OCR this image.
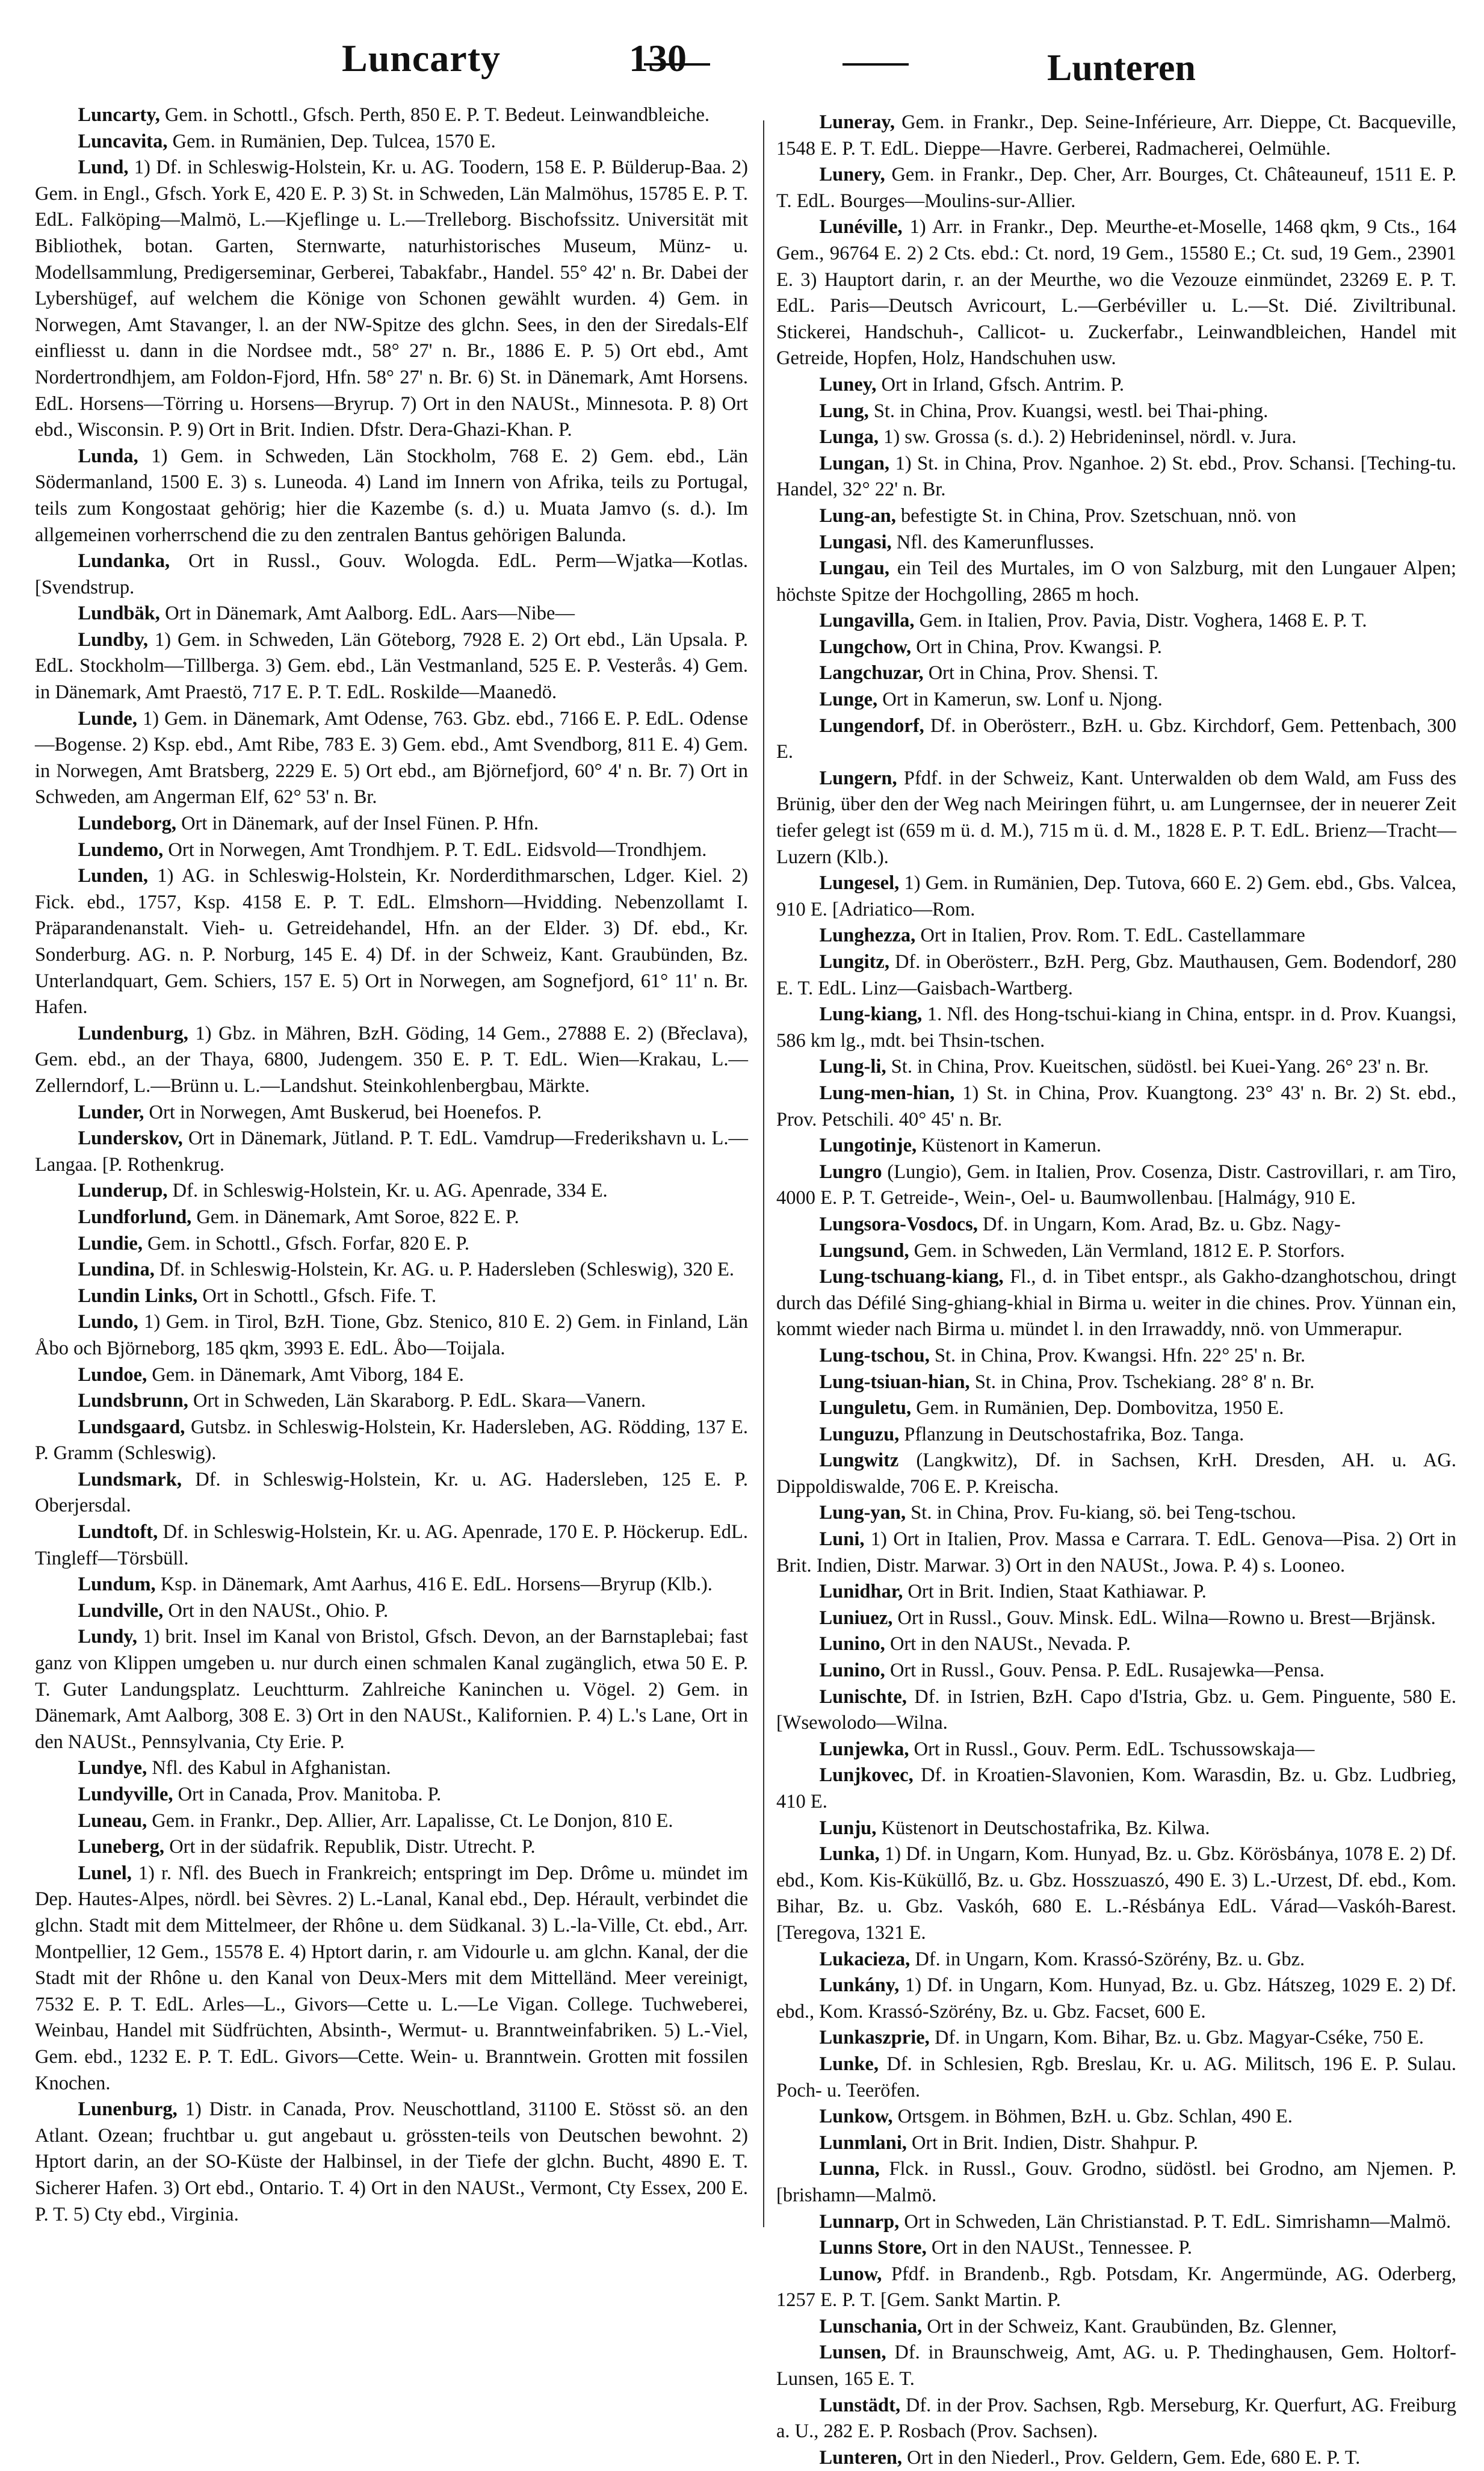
Luncarty	130	Lunteren

Luncarty, Gem. in Schottl., Gfsch. Perth, 850 E. P. T. Bedeut. Leinwandbleiche.

Luncavita, Gem. in Rumänien, Dep. Tulcea, 1570 E.

Lund, 1) Df. in Schleswig-Holstein, Kr. u. AG. Toodern, 158 E. P. Bülderup-Baa. 2) Gem. in Engl., Gfsch. York E, 420 E. P. 3) St. in Schweden, Län Malmöhus, 15785 E. P. T. EdL. Falköping—Malmö, L.—Kjeflinge u. L.—Trelleborg. Bischofssitz. Universität mit Bibliothek, botan. Garten, Sternwarte, naturhistorisches Museum, Münz- u. Modellsammlung, Predigerseminar, Gerberei, Tabakfabr., Handel. 55° 42' n. Br. Dabei der Lybershügef, auf welchem die Könige von Schonen gewählt wurden. 4) Gem. in Norwegen, Amt Stavanger, l. an der NW-Spitze des glchn. Sees, in den der Siredals-Elf einfliesst u. dann in die Nordsee mdt., 58° 27' n. Br., 1886 E. P. 5) Ort ebd., Amt Nordertrondhjem, am Foldon-Fjord, Hfn. 58° 27' n. Br. 6) St. in Dänemark, Amt Horsens. EdL. Horsens—Törring u. Horsens—Bryrup. 7) Ort in den NAUSt., Minnesota. P. 8) Ort ebd., Wisconsin. P. 9) Ort in Brit. Indien. Dfstr. Dera-Ghazi-Khan. P.

Lunda, 1) Gem. in Schweden, Län Stockholm, 768 E. 2) Gem. ebd., Län Södermanland, 1500 E. 3) s. Luneoda. 4) Land im Innern von Afrika, teils zu Portugal, teils zum Kongostaat gehörig; hier die Kazembe (s. d.) u. Muata Jamvo (s. d.). Im allgemeinen vorherrschend die zu den zentralen Bantus gehörigen Balunda.

Lundanka, Ort in Russl., Gouv. Wologda. EdL. Perm—Wjatka—Kotlas. [Svendstrup.

Lundbäk, Ort in Dänemark, Amt Aalborg. EdL. Aars—Nibe—

Lundby, 1) Gem. in Schweden, Län Göteborg, 7928 E. 2) Ort ebd., Län Upsala. P. EdL. Stockholm—Tillberga. 3) Gem. ebd., Län Vestmanland, 525 E. P. Vesterås. 4) Gem. in Dänemark, Amt Praestö, 717 E. P. T. EdL. Roskilde—Maanedö.

Lunde, 1) Gem. in Dänemark, Amt Odense, 763. Gbz. ebd., 7166 E. P. EdL. Odense—Bogense. 2) Ksp. ebd., Amt Ribe, 783 E. 3) Gem. ebd., Amt Svendborg, 811 E. 4) Gem. in Norwegen, Amt Bratsberg, 2229 E. 5) Ort ebd., am Björnefjord, 60° 4' n. Br. 7) Ort in Schweden, am Angerman Elf, 62° 53' n. Br.

Lundeborg, Ort in Dänemark, auf der Insel Fünen. P. Hfn.

Lundemo, Ort in Norwegen, Amt Trondhjem. P. T. EdL. Eidsvold—Trondhjem.

Lunden, 1) AG. in Schleswig-Holstein, Kr. Norderdithmarschen, Ldger. Kiel. 2) Fick. ebd., 1757, Ksp. 4158 E. P. T. EdL. Elmshorn—Hvidding. Nebenzollamt I. Präparandenanstalt. Vieh- u. Getreidehandel, Hfn. an der Elder. 3) Df. ebd., Kr. Sonderburg. AG. n. P. Norburg, 145 E. 4) Df. in der Schweiz, Kant. Graubünden, Bz. Unterlandquart, Gem. Schiers, 157 E. 5) Ort in Norwegen, am Sognefjord, 61° 11' n. Br. Hafen.

Lundenburg, 1) Gbz. in Mähren, BzH. Göding, 14 Gem., 27888 E. 2) (Břeclava), Gem. ebd., an der Thaya, 6800, Judengem. 350 E. P. T. EdL. Wien—Krakau, L.—Zellerndorf, L.—Brünn u. L.—Landshut. Steinkohlenbergbau, Märkte.

Lunder, Ort in Norwegen, Amt Buskerud, bei Hoenefos. P.

Lunderskov, Ort in Dänemark, Jütland. P. T. EdL. Vamdrup—Frederikshavn u. L.—Langaa. [P. Rothenkrug.

Lunderup, Df. in Schleswig-Holstein, Kr. u. AG. Apenrade, 334 E.

Lundforlund, Gem. in Dänemark, Amt Soroe, 822 E. P.

Lundie, Gem. in Schottl., Gfsch. Forfar, 820 E. P.

Lundina, Df. in Schleswig-Holstein, Kr. AG. u. P. Hadersleben (Schleswig), 320 E.

Lundin Links, Ort in Schottl., Gfsch. Fife. T.

Lundo, 1) Gem. in Tirol, BzH. Tione, Gbz. Stenico, 810 E. 2) Gem. in Finland, Län Åbo och Björneborg, 185 qkm, 3993 E. EdL. Åbo—Toijala.

Lundoe, Gem. in Dänemark, Amt Viborg, 184 E.

Lundsbrunn, Ort in Schweden, Län Skaraborg. P. EdL. Skara—Vanern.

Lundsgaard, Gutsbz. in Schleswig-Holstein, Kr. Hadersleben, AG. Rödding, 137 E. P. Gramm (Schleswig).

Lundsmark, Df. in Schleswig-Holstein, Kr. u. AG. Hadersleben, 125 E. P. Oberjersdal.

Lundtoft, Df. in Schleswig-Holstein, Kr. u. AG. Apenrade, 170 E. P. Höckerup. EdL. Tingleff—Törsbüll.

Lundum, Ksp. in Dänemark, Amt Aarhus, 416 E. EdL. Horsens—Bryrup (Klb.).

Lundville, Ort in den NAUSt., Ohio. P.

Lundy, 1) brit. Insel im Kanal von Bristol, Gfsch. Devon, an der Barnstaplebai; fast ganz von Klippen umgeben u. nur durch einen schmalen Kanal zugänglich, etwa 50 E. P. T. Guter Landungsplatz. Leuchtturm. Zahlreiche Kaninchen u. Vögel. 2) Gem. in Dänemark, Amt Aalborg, 308 E. 3) Ort in den NAUSt., Kalifornien. P. 4) L.'s Lane, Ort in den NAUSt., Pennsylvania, Cty Erie. P.

Lundye, Nfl. des Kabul in Afghanistan.

Lundyville, Ort in Canada, Prov. Manitoba. P.

Luneau, Gem. in Frankr., Dep. Allier, Arr. Lapalisse, Ct. Le Donjon, 810 E.

Luneberg, Ort in der südafrik. Republik, Distr. Utrecht. P.

Lunel, 1) r. Nfl. des Buech in Frankreich; entspringt im Dep. Drôme u. mündet im Dep. Hautes-Alpes, nördl. bei Sèvres. 2) L.-Lanal, Kanal ebd., Dep. Hérault, verbindet die glchn. Stadt mit dem Mittelmeer, der Rhône u. dem Südkanal. 3) L.-la-Ville, Ct. ebd., Arr. Montpellier, 12 Gem., 15578 E. 4) Hptort darin, r. am Vidourle u. am glchn. Kanal, der die Stadt mit der Rhône u. den Kanal von Deux-Mers mit dem Mittelländ. Meer vereinigt, 7532 E. P. T. EdL. Arles—L., Givors—Cette u. L.—Le Vigan. College. Tuchweberei, Weinbau, Handel mit Südfrüchten, Absinth-, Wermut- u. Branntweinfabriken. 5) L.-Viel, Gem. ebd., 1232 E. P. T. EdL. Givors—Cette. Wein- u. Branntwein. Grotten mit fossilen Knochen.

Lunenburg, 1) Distr. in Canada, Prov. Neuschottland, 31100 E. Stösst sö. an den Atlant. Ozean; fruchtbar u. gut angebaut u. grössten-teils von Deutschen bewohnt. 2) Hptort darin, an der SO-Küste der Halbinsel, in der Tiefe der glchn. Bucht, 4890 E. T. Sicherer Hafen. 3) Ort ebd., Ontario. T. 4) Ort in den NAUSt., Vermont, Cty Essex, 200 E. P. T. 5) Cty ebd., Virginia.

Luneray, Gem. in Frankr., Dep. Seine-Inférieure, Arr. Dieppe, Ct. Bacqueville, 1548 E. P. T. EdL. Dieppe—Havre. Gerberei, Radmacherei, Oelmühle.

Lunery, Gem. in Frankr., Dep. Cher, Arr. Bourges, Ct. Châteauneuf, 1511 E. P. T. EdL. Bourges—Moulins-sur-Allier.

Lunéville, 1) Arr. in Frankr., Dep. Meurthe-et-Moselle, 1468 qkm, 9 Cts., 164 Gem., 96764 E. 2) 2 Cts. ebd.: Ct. nord, 19 Gem., 15580 E.; Ct. sud, 19 Gem., 23901 E. 3) Hauptort darin, r. an der Meurthe, wo die Vezouze einmündet, 23269 E. P. T. EdL. Paris—Deutsch Avricourt, L.—Gerbéviller u. L.—St. Dié. Ziviltribunal. Stickerei, Handschuh-, Callicot- u. Zuckerfabr., Leinwandbleichen, Handel mit Getreide, Hopfen, Holz, Handschuhen usw.

Luney, Ort in Irland, Gfsch. Antrim. P.

Lung, St. in China, Prov. Kuangsi, westl. bei Thai-phing.

Lunga, 1) sw. Grossa (s. d.). 2) Hebrideninsel, nördl. v. Jura.

Lungan, 1) St. in China, Prov. Nganhoe. 2) St. ebd., Prov. Schansi. [Teching-tu. Handel, 32° 22' n. Br.

Lung-an, befestigte St. in China, Prov. Szetschuan, nnö. von

Lungasi, Nfl. des Kamerunflusses.

Lungau, ein Teil des Murtales, im O von Salzburg, mit den Lungauer Alpen; höchste Spitze der Hochgolling, 2865 m hoch.

Lungavilla, Gem. in Italien, Prov. Pavia, Distr. Voghera, 1468 E. P. T.

Lungchow, Ort in China, Prov. Kwangsi. P.

Langchuzar, Ort in China, Prov. Shensi. T.

Lunge, Ort in Kamerun, sw. Lonf u. Njong.

Lungendorf, Df. in Oberösterr., BzH. u. Gbz. Kirchdorf, Gem. Pettenbach, 300 E.

Lungern, Pfdf. in der Schweiz, Kant. Unterwalden ob dem Wald, am Fuss des Brünig, über den der Weg nach Meiringen führt, u. am Lungernsee, der in neuerer Zeit tiefer gelegt ist (659 m ü. d. M.), 715 m ü. d. M., 1828 E. P. T. EdL. Brienz—Tracht—Luzern (Klb.).

Lungesel, 1) Gem. in Rumänien, Dep. Tutova, 660 E. 2) Gem. ebd., Gbs. Valcea, 910 E. [Adriatico—Rom.

Lunghezza, Ort in Italien, Prov. Rom. T. EdL. Castellammare

Lungitz, Df. in Oberösterr., BzH. Perg, Gbz. Mauthausen, Gem. Bodendorf, 280 E. T. EdL. Linz—Gaisbach-Wartberg.

Lung-kiang, 1. Nfl. des Hong-tschui-kiang in China, entspr. in d. Prov. Kuangsi, 586 km lg., mdt. bei Thsin-tschen.

Lung-li, St. in China, Prov. Kueitschen, südöstl. bei Kuei-Yang. 26° 23' n. Br.

Lung-men-hian, 1) St. in China, Prov. Kuangtong. 23° 43' n. Br. 2) St. ebd., Prov. Petschili. 40° 45' n. Br.

Lungotinje, Küstenort in Kamerun.

Lungro (Lungio), Gem. in Italien, Prov. Cosenza, Distr. Castrovillari, r. am Tiro, 4000 E. P. T. Getreide-, Wein-, Oel- u. Baumwollenbau. [Halmágy, 910 E.

Lungsora-Vosdocs, Df. in Ungarn, Kom. Arad, Bz. u. Gbz. Nagy-

Lungsund, Gem. in Schweden, Län Vermland, 1812 E. P. Storfors.

Lung-tschuang-kiang, Fl., d. in Tibet entspr., als Gakho-dzanghotschou, dringt durch das Défilé Sing-ghiang-khial in Birma u. weiter in die chines. Prov. Yünnan ein, kommt wieder nach Birma u. mündet l. in den Irrawaddy, nnö. von Ummerapur.

Lung-tschou, St. in China, Prov. Kwangsi. Hfn. 22° 25' n. Br.

Lung-tsiuan-hian, St. in China, Prov. Tschekiang. 28° 8' n. Br.

Lunguletu, Gem. in Rumänien, Dep. Dombovitza, 1950 E.

Lunguzu, Pflanzung in Deutschostafrika, Boz. Tanga.

Lungwitz (Langkwitz), Df. in Sachsen, KrH. Dresden, AH. u. AG. Dippoldiswalde, 706 E. P. Kreischa.

Lung-yan, St. in China, Prov. Fu-kiang, sö. bei Teng-tschou.

Luni, 1) Ort in Italien, Prov. Massa e Carrara. T. EdL. Genova—Pisa. 2) Ort in Brit. Indien, Distr. Marwar. 3) Ort in den NAUSt., Jowa. P. 4) s. Looneo.

Lunidhar, Ort in Brit. Indien, Staat Kathiawar. P.

Luniuez, Ort in Russl., Gouv. Minsk. EdL. Wilna—Rowno u. Brest—Brjänsk.

Lunino, Ort in den NAUSt., Nevada. P.

Lunino, Ort in Russl., Gouv. Pensa. P. EdL. Rusajewka—Pensa.

Lunischte, Df. in Istrien, BzH. Capo d'Istria, Gbz. u. Gem. Pinguente, 580 E. [Wsewolodo—Wilna.

Lunjewka, Ort in Russl., Gouv. Perm. EdL. Tschussowskaja—

Lunjkovec, Df. in Kroatien-Slavonien, Kom. Warasdin, Bz. u. Gbz. Ludbrieg, 410 E.

Lunju, Küstenort in Deutschostafrika, Bz. Kilwa.

Lunka, 1) Df. in Ungarn, Kom. Hunyad, Bz. u. Gbz. Körösbánya, 1078 E. 2) Df. ebd., Kom. Kis-Küküllő, Bz. u. Gbz. Hosszuaszó, 490 E. 3) L.-Urzest, Df. ebd., Kom. Bihar, Bz. u. Gbz. Vaskóh, 680 E. L.-Résbánya EdL. Várad—Vaskóh-Barest. [Teregova, 1321 E.

Lukacieza, Df. in Ungarn, Kom. Krassó-Szörény, Bz. u. Gbz.

Lunkány, 1) Df. in Ungarn, Kom. Hunyad, Bz. u. Gbz. Hátszeg, 1029 E. 2) Df. ebd., Kom. Krassó-Szörény, Bz. u. Gbz. Facset, 600 E.

Lunkaszprie, Df. in Ungarn, Kom. Bihar, Bz. u. Gbz. Magyar-Cséke, 750 E.

Lunke, Df. in Schlesien, Rgb. Breslau, Kr. u. AG. Militsch, 196 E. P. Sulau. Poch- u. Teeröfen.

Lunkow, Ortsgem. in Böhmen, BzH. u. Gbz. Schlan, 490 E.

Lunmlani, Ort in Brit. Indien, Distr. Shahpur. P.

Lunna, Flck. in Russl., Gouv. Grodno, südöstl. bei Grodno, am Njemen. P. [brishamn—Malmö.

Lunnarp, Ort in Schweden, Län Christianstad. P. T. EdL. Simrishamn—Malmö.

Lunns Store, Ort in den NAUSt., Tennessee. P.

Lunow, Pfdf. in Brandenb., Rgb. Potsdam, Kr. Angermünde, AG. Oderberg, 1257 E. P. T. [Gem. Sankt Martin. P.

Lunschania, Ort in der Schweiz, Kant. Graubünden, Bz. Glenner,

Lunsen, Df. in Braunschweig, Amt, AG. u. P. Thedinghausen, Gem. Holtorf-Lunsen, 165 E. T.

Lunstädt, Df. in der Prov. Sachsen, Rgb. Merseburg, Kr. Querfurt, AG. Freiburg a. U., 282 E. P. Rosbach (Prov. Sachsen).

Lunteren, Ort in den Niederl., Prov. Geldern, Gem. Ede, 680 E. P. T.
